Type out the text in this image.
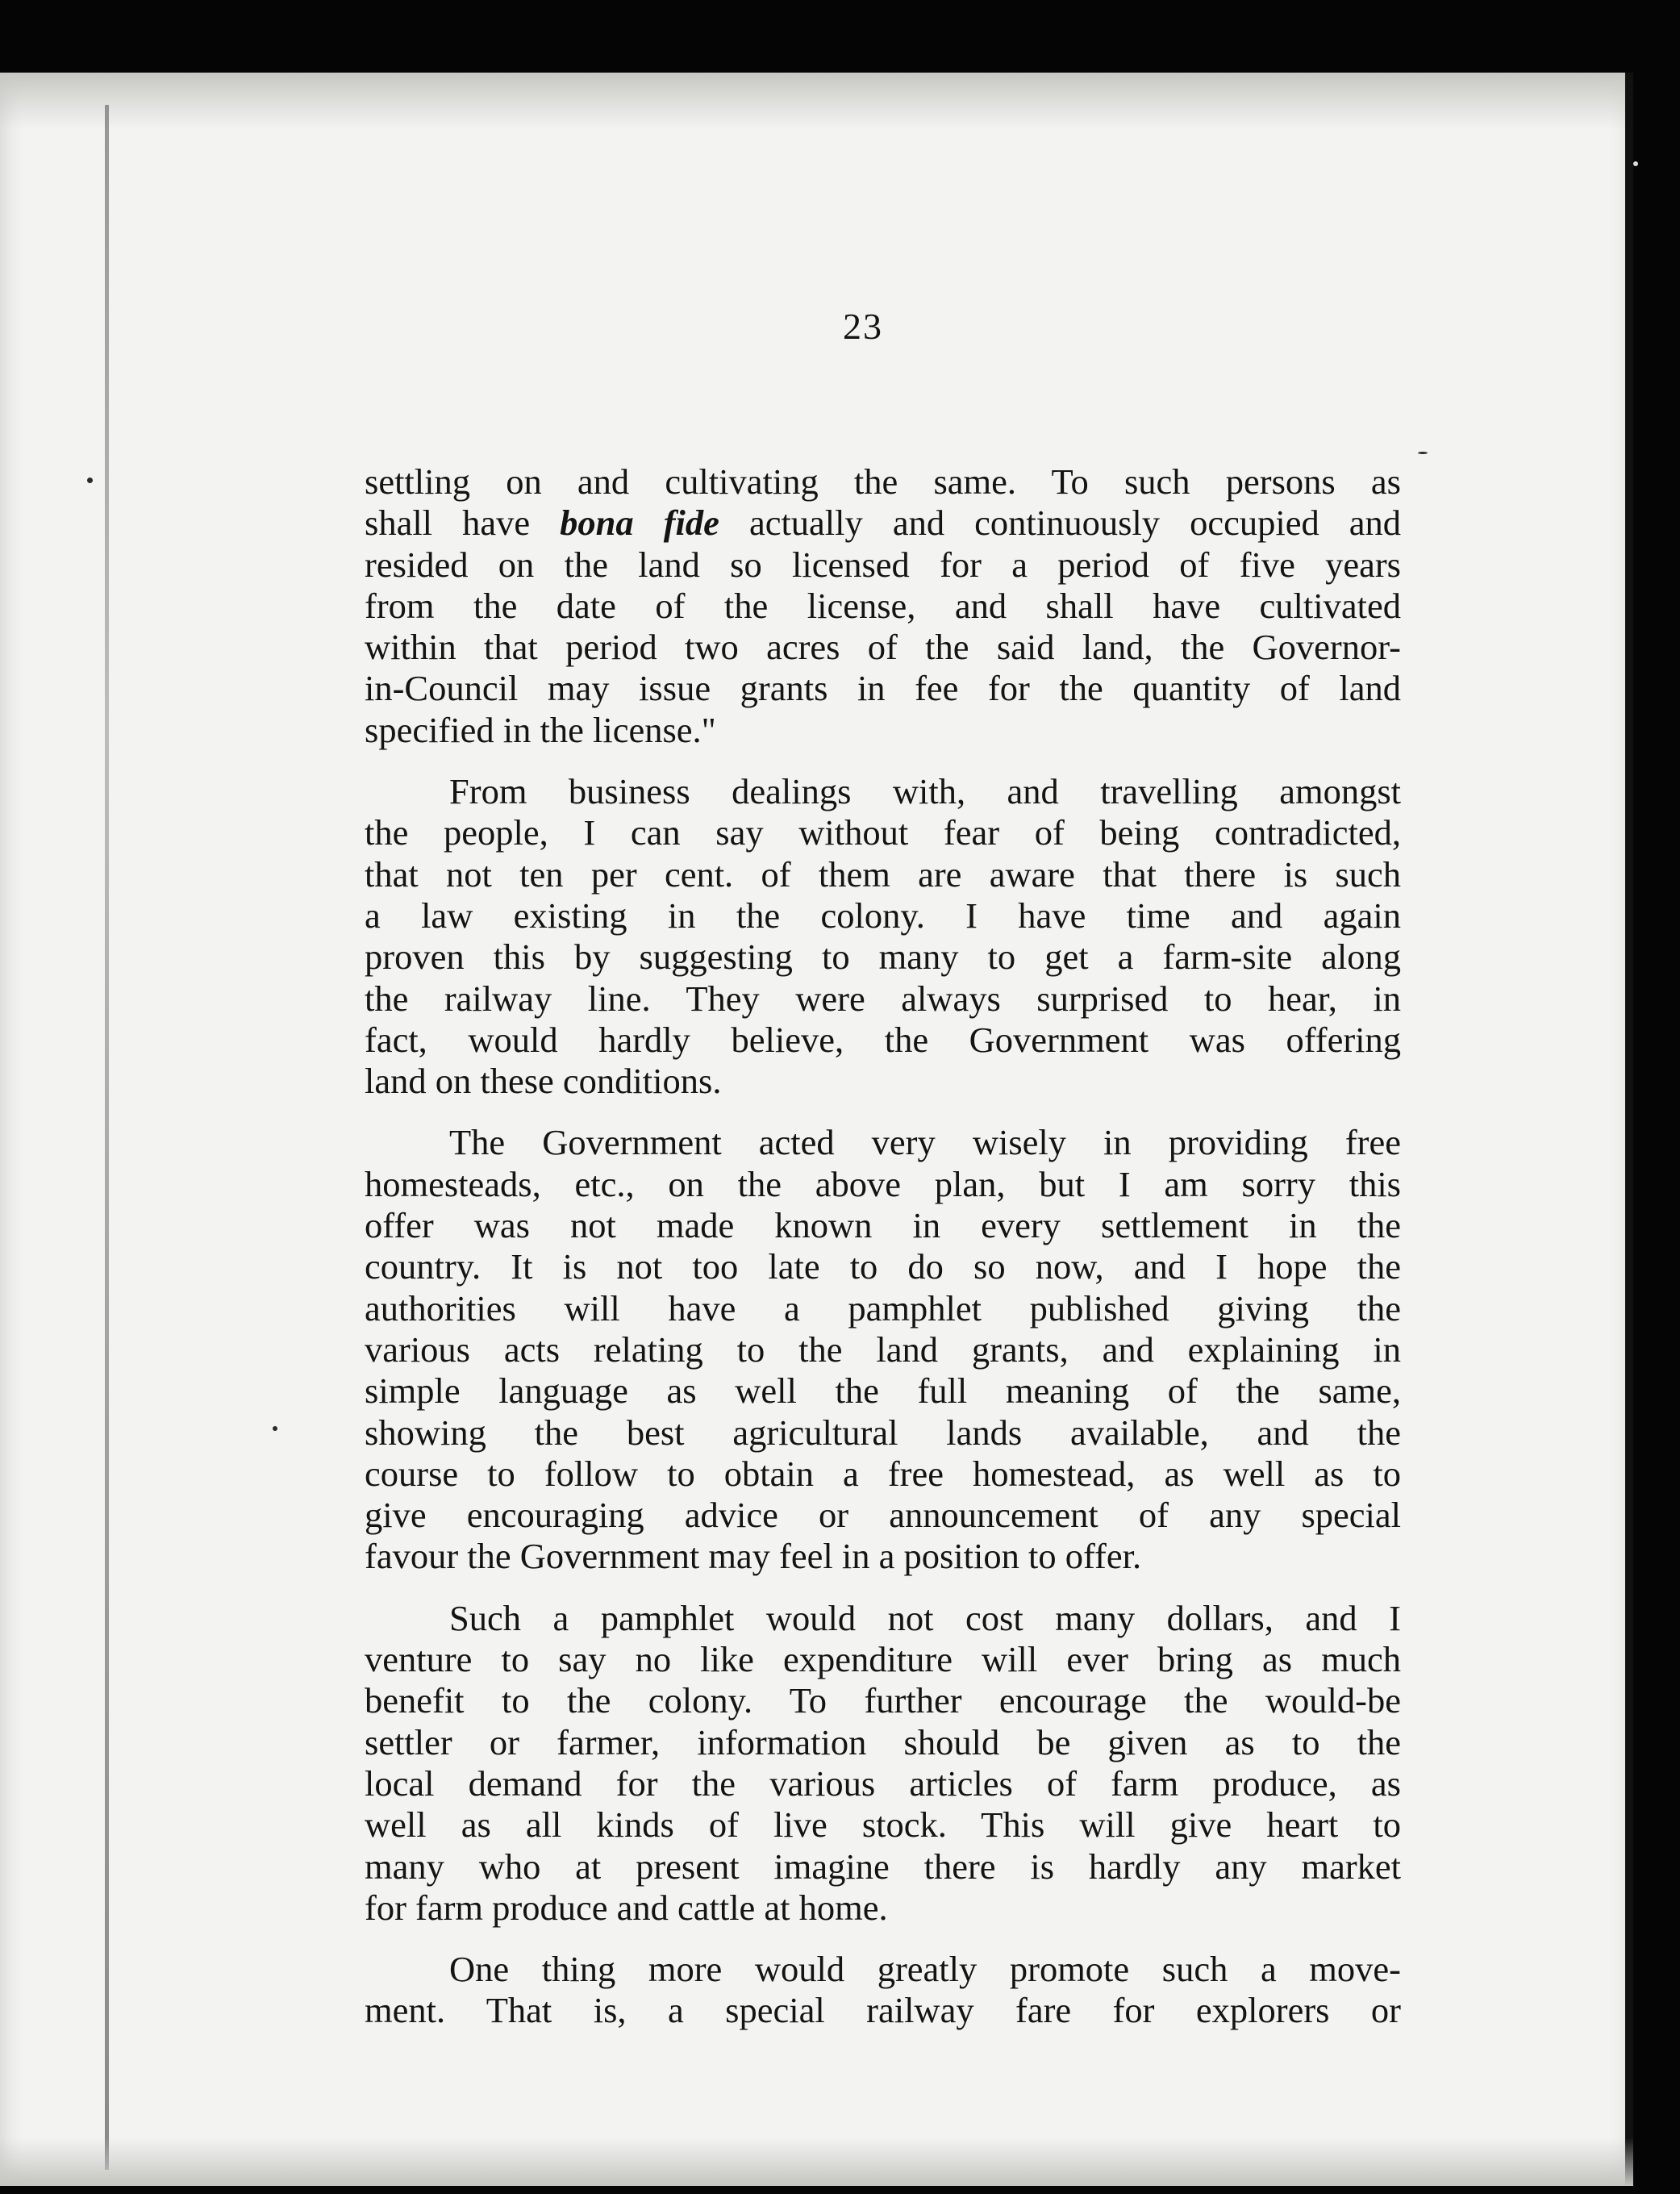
23
settling on and cultivating the same. To such persons as
shall have bona fide actually and continuously occupied and
resided on the land so licensed for a period of five years
from the date of the license, and shall have cultivated
within that period two acres of the said land, the Governor-
in-Council may issue grants in fee for the quantity of land
specified in the license."
From business dealings with, and travelling amongst
the people, I can say without fear of being contradicted,
that not ten per cent. of them are aware that there is such
a law existing in the colony. I have time and again
proven this by suggesting to many to get a farm-site along
the railway line. They were always surprised to hear, in
fact, would hardly believe, the Government was offering
land on these conditions.
The Government acted very wisely in providing free
homesteads, etc., on the above plan, but I am sorry this
offer was not made known in every settlement in the
country. It is not too late to do so now, and I hope the
authorities will have a pamphlet published giving the
various acts relating to the land grants, and explaining in
simple language as well the full meaning of the same,
showing the best agricultural lands available, and the
course to follow to obtain a free homestead, as well as to
give encouraging advice or announcement of any special
favour the Government may feel in a position to offer.
Such a pamphlet would not cost many dollars, and I
venture to say no like expenditure will ever bring as much
benefit to the colony. To further encourage the would-be
settler or farmer, information should be given as to the
local demand for the various articles of farm produce, as
well as all kinds of live stock. This will give heart to
many who at present imagine there is hardly any market
for farm produce and cattle at home.
One thing more would greatly promote such a move-
ment. That is, a special railway fare for explorers or
